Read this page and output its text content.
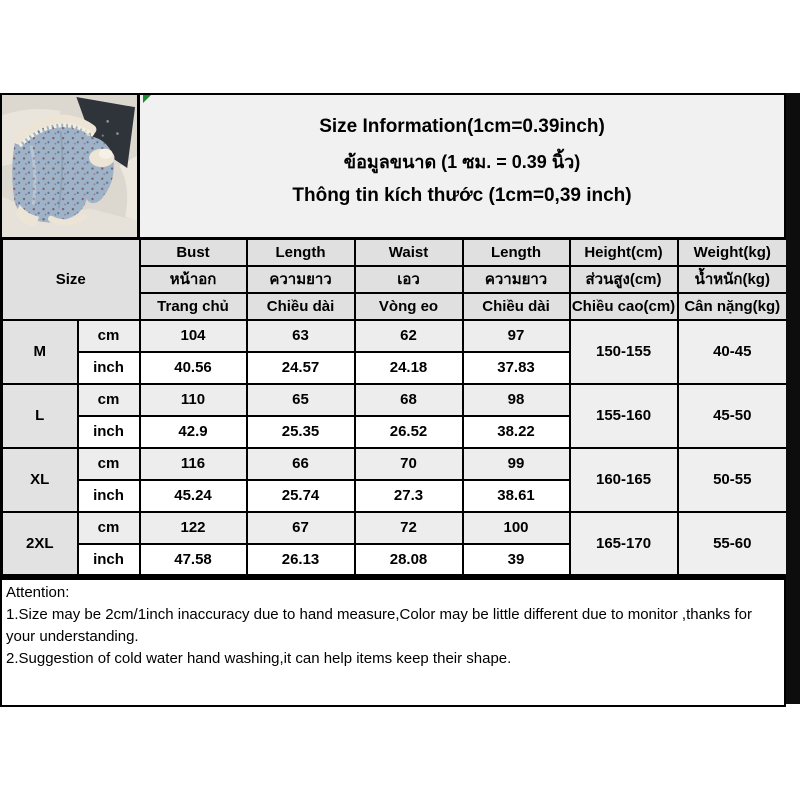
Size Information(1cm=0.39inch)
ข้อมูลขนาด (1 ซม. = 0.39 นิ้ว)
Thông tin kích thước (1cm=0,39 inch)
Size		Bust	Length	Waist	Length	Height(cm)	Weight(kg)
		หน้าอก	ความยาว	เอว	ความยาว	ส่วนสูง(cm)	น้ำหนัก(kg)
		Trang chủ	Chiều dài	Vòng eo	Chiều dài	Chiều cao(cm)	Cân nặng(kg)
M	cm	104	63	62	97	150-155	40-45
	inch	40.56	24.57	24.18	37.83		
L	cm	110	65	68	98	155-160	45-50
	inch	42.9	25.35	26.52	38.22		
XL	cm	116	66	70	99	160-165	50-55
	inch	45.24	25.74	27.3	38.61		
2XL	cm	122	67	72	100	165-170	55-60
	inch	47.58	26.13	28.08	39		
Attention:
1.Size may be 2cm/1inch inaccuracy due to hand measure,Color may be little different due to monitor ,thanks for your understanding.
2.Suggestion of cold water hand washing,it can help items keep their shape.
